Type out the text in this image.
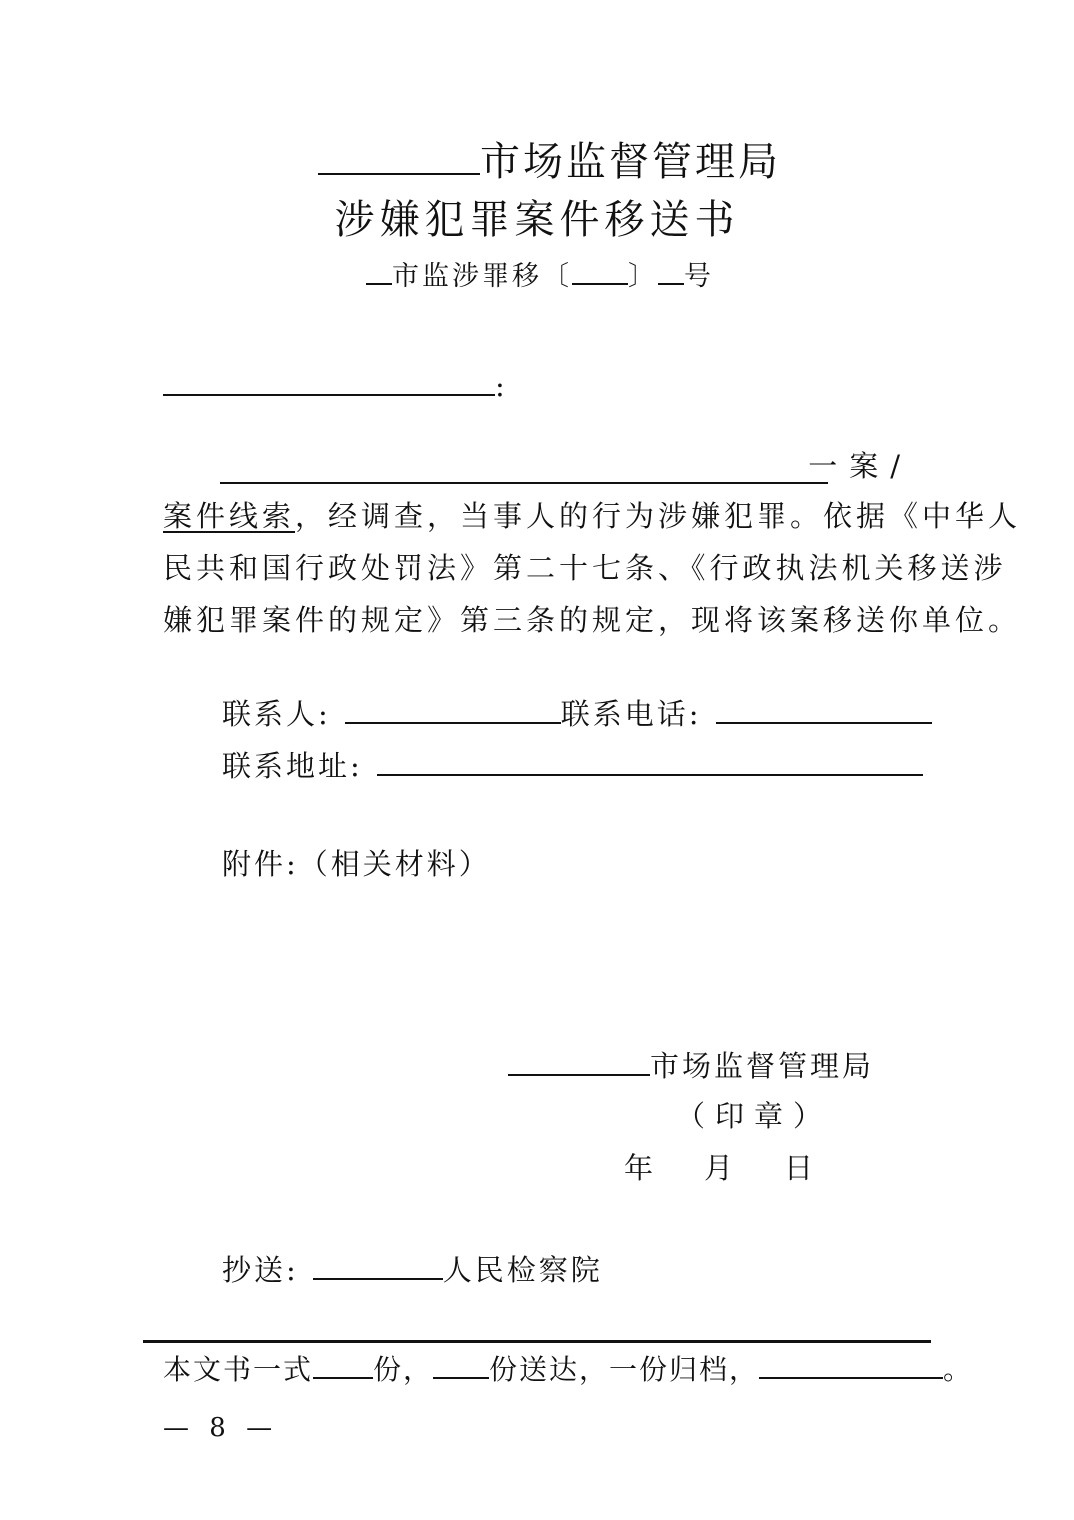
市场监督管理局
涉嫌犯罪案件移送书
市监涉罪移〔 〕 号
:
一案/
案件线索，经调查，当事人的行为涉嫌犯罪。依据《中华人
民共和国行政处罚法》第二十七条、《行政执法机关移送涉
嫌犯罪案件的规定》第三条的规定，现将该案移送你单位。
联系人:	联系电话:
联系地址:
附件:（相关材料）
市场监督管理局
（印章）
年 月 日
抄送:	人民检察院
本文书一式 份， 份送达，一份归档，	。
— 8 —
